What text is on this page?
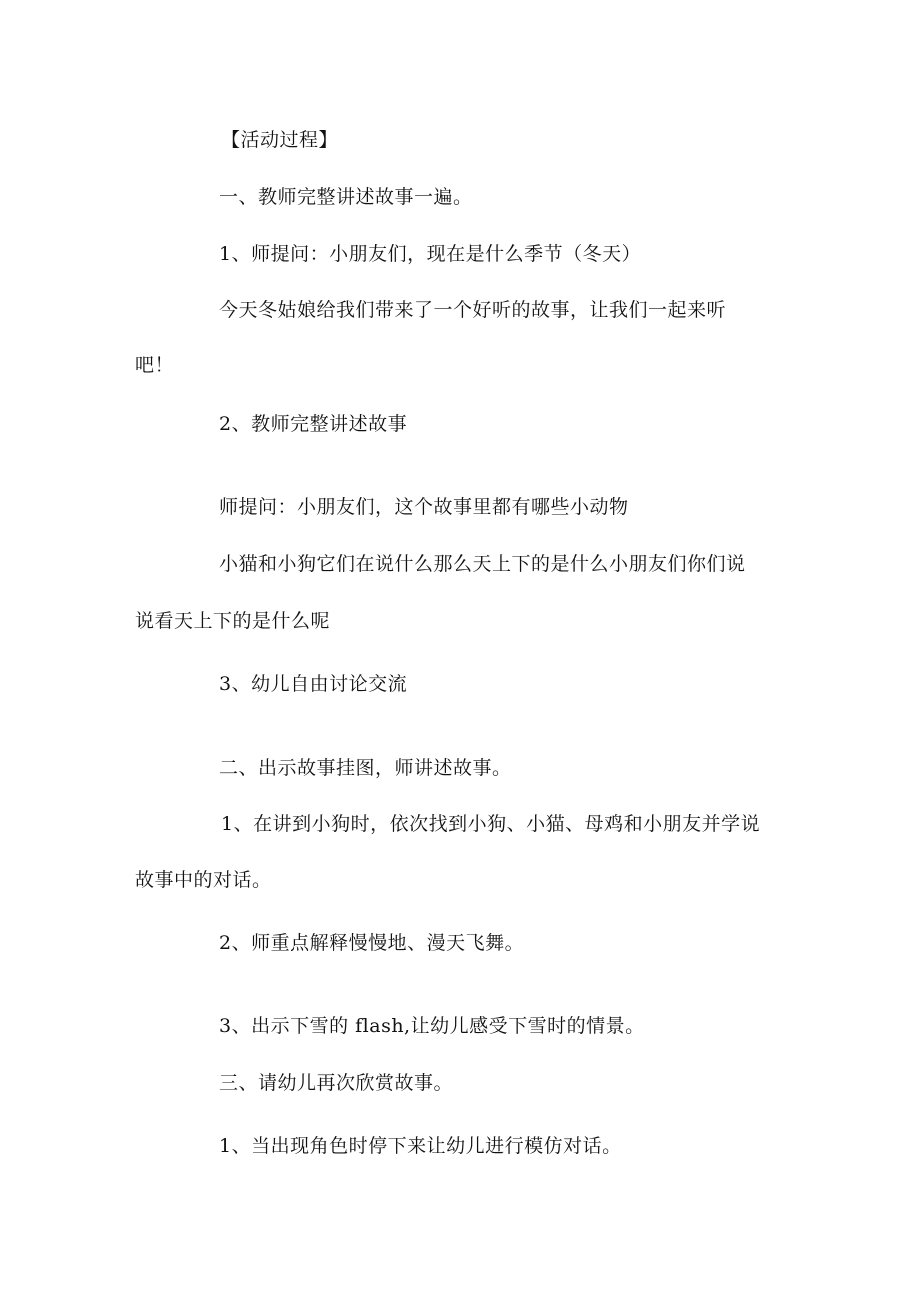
【活动过程】
一、教师完整讲述故事一遍。
1、师提问：小朋友们，现在是什么季节（冬天）
今天冬姑娘给我们带来了一个好听的故事，让我们一起来听
吧！
2、教师完整讲述故事
师提问：小朋友们，这个故事里都有哪些小动物
小猫和小狗它们在说什么那么天上下的是什么小朋友们你们说
说看天上下的是什么呢
3、幼儿自由讨论交流
二、出示故事挂图，师讲述故事。
1、在讲到小狗时，依次找到小狗、小猫、母鸡和小朋友并学说
故事中的对话。
2、师重点解释慢慢地、漫天飞舞。
3、出示下雪的 flash,让幼儿感受下雪时的情景。
三、请幼儿再次欣赏故事。
1、当出现角色时停下来让幼儿进行模仿对话。
